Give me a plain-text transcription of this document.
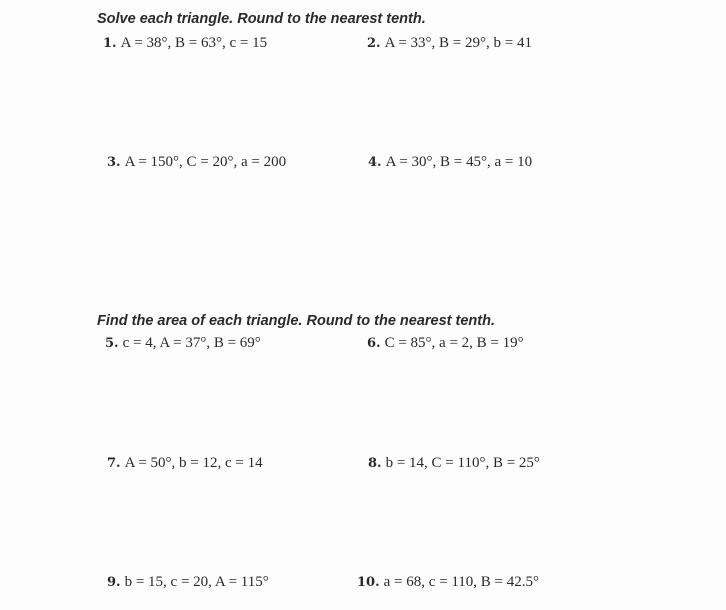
Solve each triangle. Round to the nearest tenth.
1. A = 38°, B = 63°, c = 15	2. A = 33°, B = 29°, b = 41
3. A = 150°, C = 20°, a = 200	4. A = 30°, B = 45°, a = 10
Find the area of each triangle. Round to the nearest tenth.
5. c = 4, A = 37°, B = 69°	6. C = 85°, a = 2, B = 19°
7. A = 50°, b = 12, c = 14	8. b = 14, C = 110°, B = 25°
9. b = 15, c = 20, A = 115°	10. a = 68, c = 110, B = 42.5°
